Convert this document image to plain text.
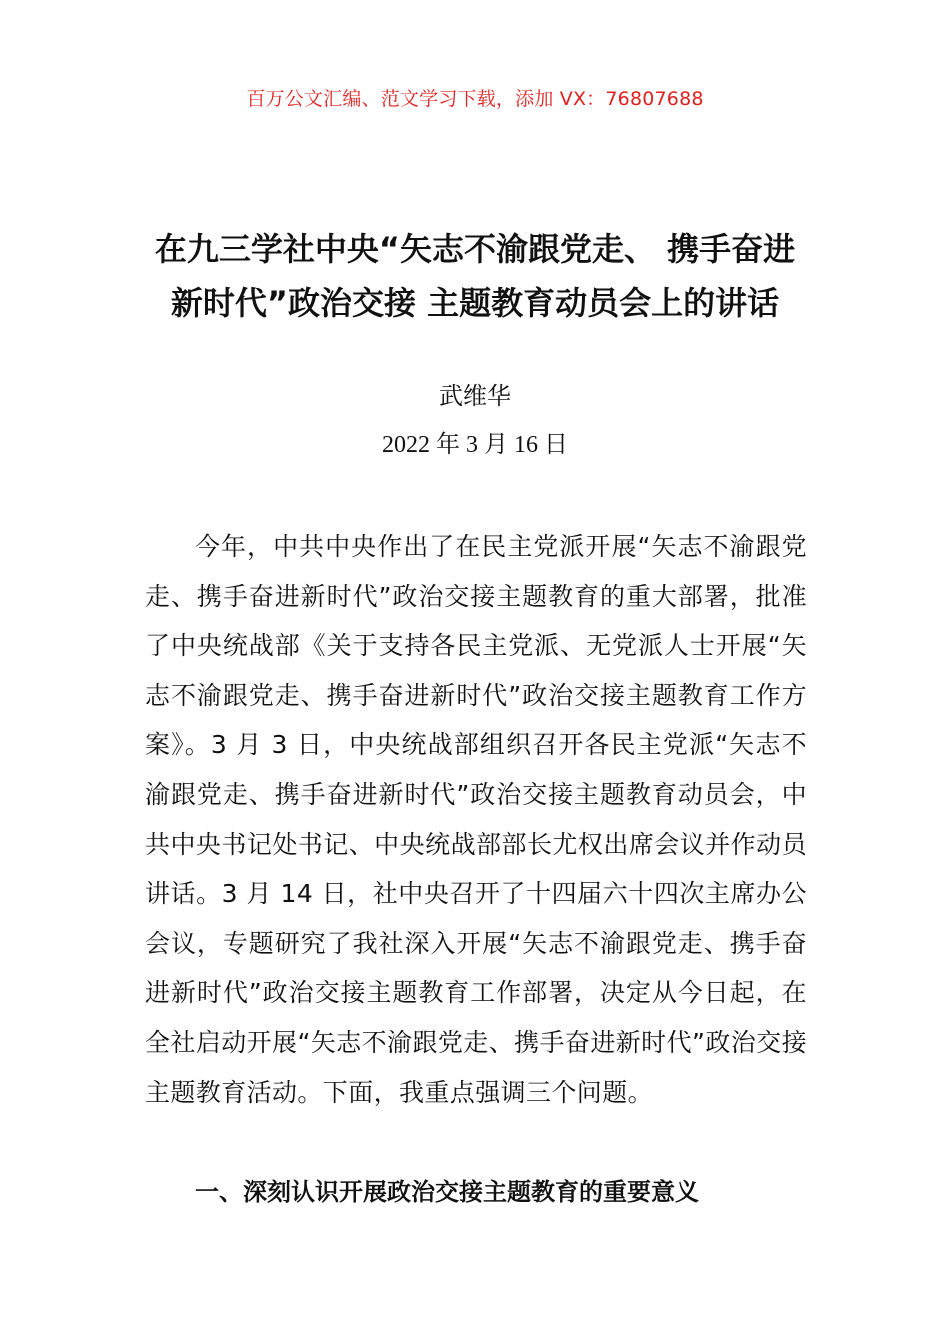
百万公文汇编、范文学习下载，添加 VX：76807688
在九三学社中央“矢志不渝跟党走、 携手奋进新时代”政治交接 主题教育动员会上的讲话
武维华
2022 年 3 月 16 日

今年，中共中央作出了在民主党派开展“矢志不渝跟党走、携手奋进新时代”政治交接主题教育的重大部署，批准了中央统战部《关于支持各民主党派、无党派人士开展“矢志不渝跟党走、携手奋进新时代”政治交接主题教育工作方案》。3 月 3 日，中央统战部组织召开各民主党派“矢志不渝跟党走、携手奋进新时代”政治交接主题教育动员会，中共中央书记处书记、中央统战部部长尤权出席会议并作动员讲话。3 月 14 日，社中央召开了十四届六十四次主席办公会议，专题研究了我社深入开展“矢志不渝跟党走、携手奋进新时代”政治交接主题教育工作部署，决定从今日起，在全社启动开展“矢志不渝跟党走、携手奋进新时代”政治交接主题教育活动。下面，我重点强调三个问题。

一、深刻认识开展政治交接主题教育的重要意义
